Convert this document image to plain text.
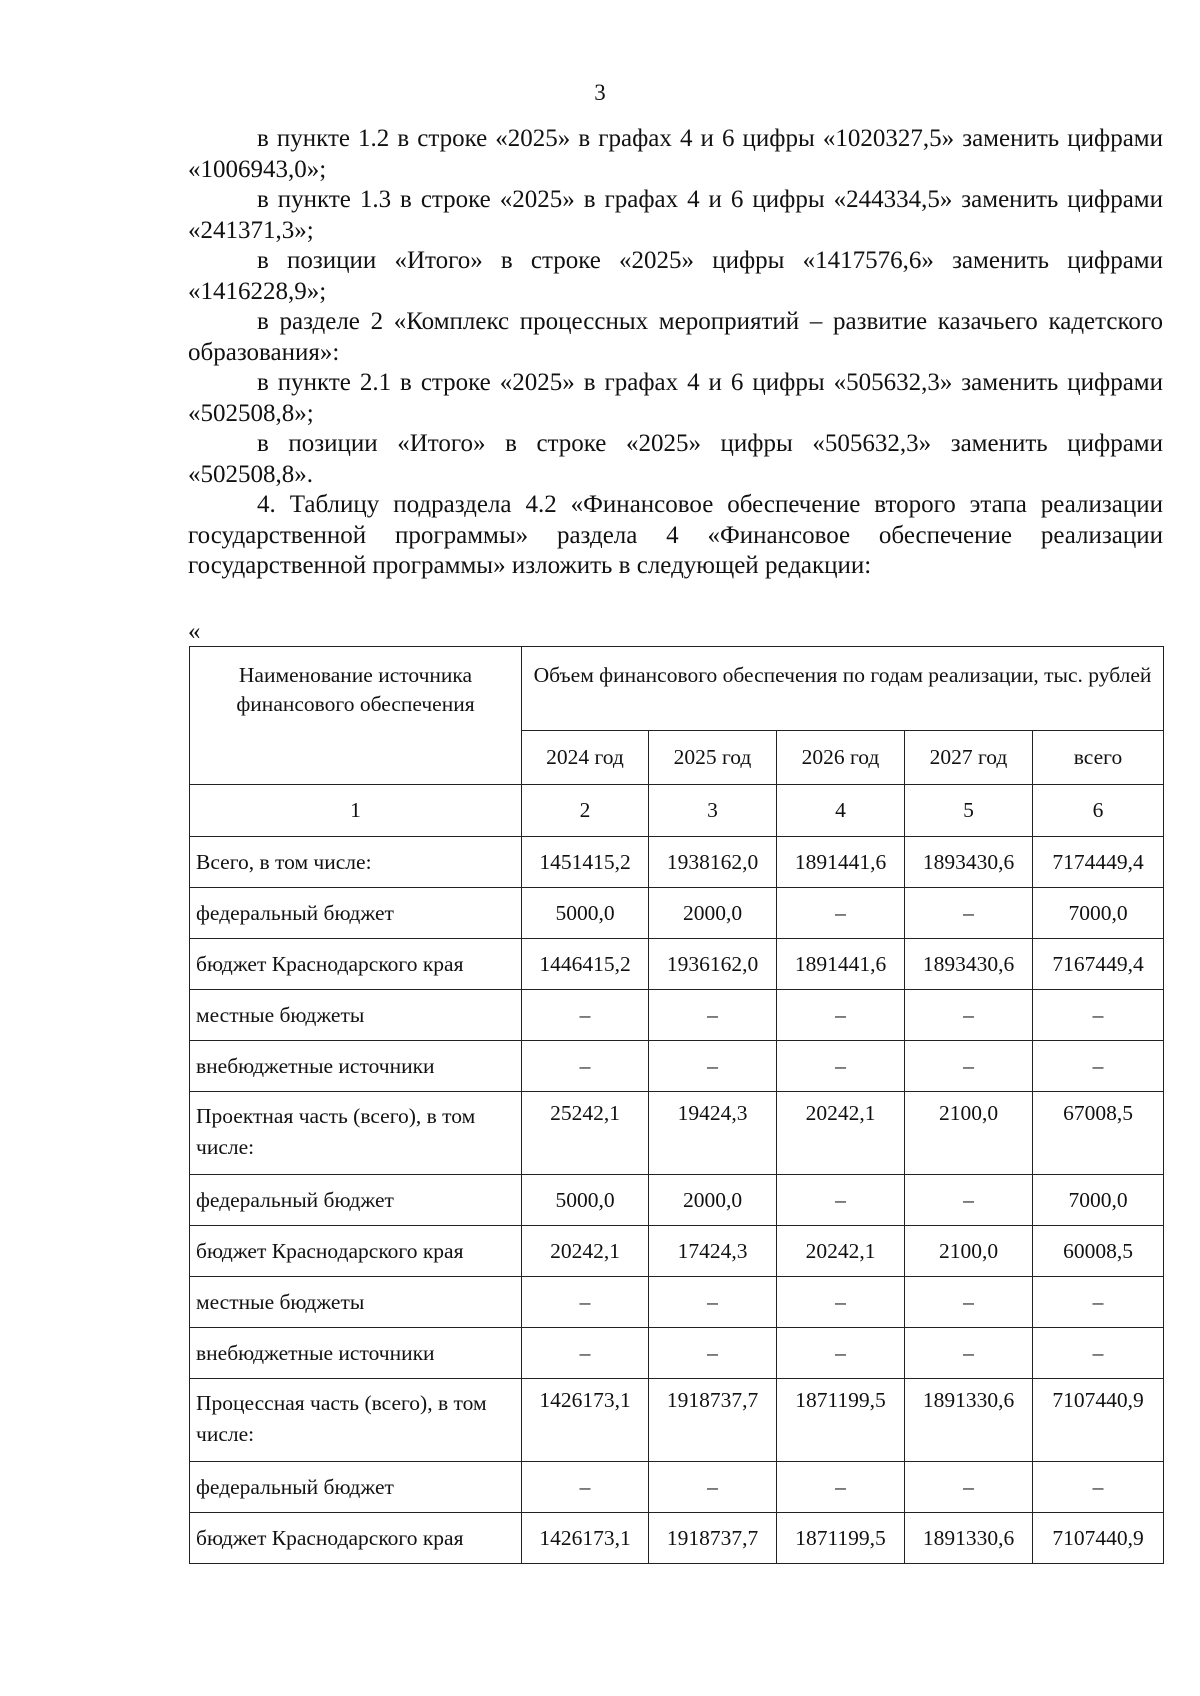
3

в пункте 1.2 в строке «2025» в графах 4 и 6 цифры «1020327,5» заменить цифрами «1006943,0»;

в пункте 1.3 в строке «2025» в графах 4 и 6 цифры «244334,5» заменить цифрами «241371,3»;

в позиции «Итого» в строке «2025» цифры «1417576,6» заменить цифрами «1416228,9»;

в разделе 2 «Комплекс процессных мероприятий – развитие казачьего кадетского образования»:

в пункте 2.1 в строке «2025» в графах 4 и 6 цифры «505632,3» заменить цифрами «502508,8»;

в позиции «Итого» в строке «2025» цифры «505632,3» заменить цифрами «502508,8».

4. Таблицу подраздела 4.2 «Финансовое обеспечение второго этапа реализации государственной программы» раздела 4 «Финансовое обеспечение реализации государственной программы» изложить в следующей редакции:

«
Наименование источника финансового обеспечения	Объем финансового обеспечения по годам реализации, тыс. рублей				
	2024 год	2025 год	2026 год	2027 год	всего
1	2	3	4	5	6
Всего, в том числе:	1451415,2	1938162,0	1891441,6	1893430,6	7174449,4
федеральный бюджет	5000,0	2000,0	–	–	7000,0
бюджет Краснодарского края	1446415,2	1936162,0	1891441,6	1893430,6	7167449,4
местные бюджеты	–	–	–	–	–
внебюджетные источники	–	–	–	–	–
Проектная часть (всего), в том числе:	25242,1	19424,3	20242,1	2100,0	67008,5
федеральный бюджет	5000,0	2000,0	–	–	7000,0
бюджет Краснодарского края	20242,1	17424,3	20242,1	2100,0	60008,5
местные бюджеты	–	–	–	–	–
внебюджетные источники	–	–	–	–	–
Процессная часть (всего), в том числе:	1426173,1	1918737,7	1871199,5	1891330,6	7107440,9
федеральный бюджет	–	–	–	–	–
бюджет Краснодарского края	1426173,1	1918737,7	1871199,5	1891330,6	7107440,9
